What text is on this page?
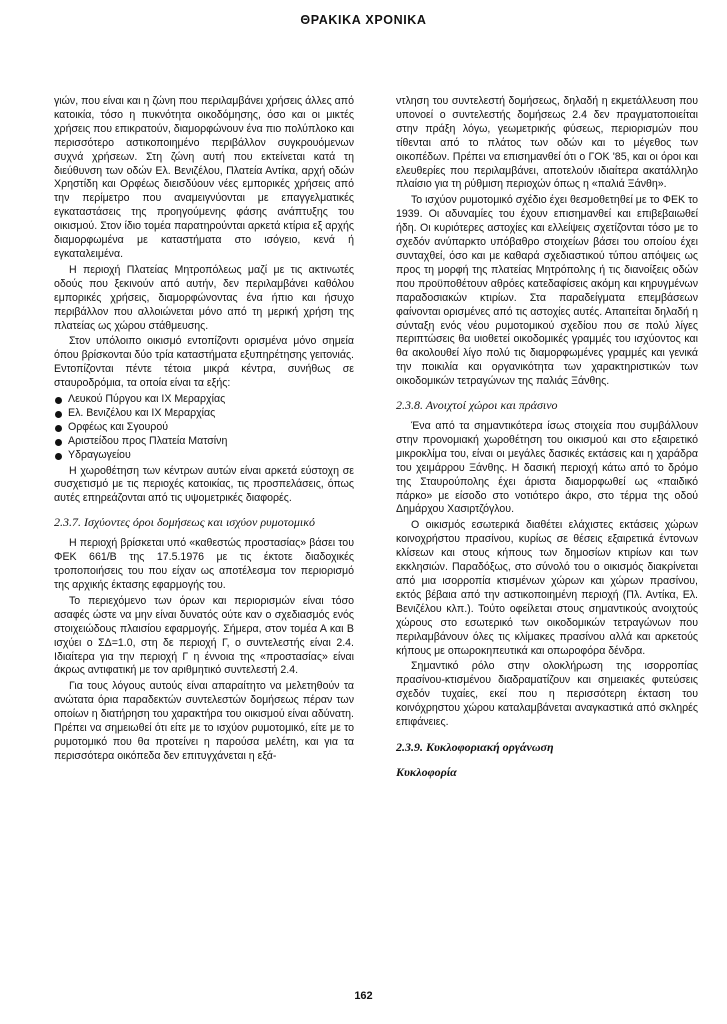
ΘΡΑΚΙΚΑ ΧΡΟΝΙΚΑ

γιών, που είναι και η ζώνη που περιλαμβάνει χρήσεις άλλες από κατοικία, τόσο η πυκνότητα οικοδόμησης, όσο και οι μικτές χρήσεις που επικρατούν, διαμορφώνουν ένα πιο πολύπλοκο και περισσότερο αστικοποιημένο περιβάλλον συγκρουόμενων συχνά χρήσεων. Στη ζώνη αυτή που εκτείνεται κατά τη διεύθυνση των οδών Ελ. Βενιζέλου, Πλατεία Αντίκα, αρχή οδών Χρηστίδη και Ορφέως διεισδύουν νέες εμπορικές χρήσεις από την περίμετρο που αναμειγνύονται με επαγγελματικές εγκαταστάσεις της προηγούμενης φάσης ανάπτυξης του οικισμού. Στον ίδιο τομέα παρατηρούνται αρκετά κτίρια εξ αρχής διαμορφωμένα με καταστήματα στο ισόγειο, κενά ή εγκαταλειμένα.

Η περιοχή Πλατείας Μητροπόλεως μαζί με τις ακτινωτές οδούς που ξεκινούν από αυτήν, δεν περιλαμβάνει καθόλου εμπορικές χρήσεις, διαμορφώνοντας ένα ήπιο και ήσυχο περιβάλλον που αλλοιώνεται μόνο από τη μερική χρήση της πλατείας ως χώρου στάθμευσης.

Στον υπόλοιπο οικισμό εντοπίζοντι ορισμένα μόνο σημεία όπου βρίσκονται δύο τρία καταστήματα εξυπηρέτησης γειτονιάς. Εντοπίζονται πέντε τέτοια μικρά κέντρα, συνήθως σε σταυροδρόμια, τα οποία είναι τα εξής:

Λευκού Πύργου και ΙΧ Μεραρχίας
Ελ. Βενιζέλου και ΙΧ Μεραρχίας
Ορφέως και Σγουρού
Αριστείδου προς Πλατεία Ματσίνη
Υδραγωγείου

Η χωροθέτηση των κέντρων αυτών είναι αρκετά εύστοχη σε συσχετισμό με τις περιοχές κατοικίας, τις προσπελάσεις, όπως αυτές επηρεάζονται από τις υψομετρικές διαφορές.

2.3.7. Ισχύοντες όροι δομήσεως και ισχύον ρυμοτομικό

Η περιοχή βρίσκεται υπό «καθεστώς προστασίας» βάσει του ΦΕΚ 661/Β της 17.5.1976 με τις έκτοτε διαδοχικές τροποποιήσεις του που είχαν ως αποτέλεσμα τον περιορισμό της αρχικής έκτασης εφαρμογής του.

Το περιεχόμενο των όρων και περιορισμών είναι τόσο ασαφές ώστε να μην είναι δυνατός ούτε καν ο σχεδιασμός ενός στοιχειώδους πλαισίου εφαρμογής. Σήμερα, στον τομέα Α και Β ισχύει ο ΣΔ=1.0, στη δε περιοχή Γ, ο συντελεστής είναι 2.4. Ιδιαίτερα για την περιοχή Γ η έννοια της «προστασίας» είναι άκρως αντιφατική με τον αριθμητικό συντελεστή 2.4.

Για τους λόγους αυτούς είναι απαραίτητο να μελετηθούν τα ανώτατα όρια παραδεκτών συντελεστών δομήσεως πέραν των οποίων η διατήρηση του χαρακτήρα του οικισμού είναι αδύνατη. Πρέπει να σημειωθεί ότι είτε με το ισχύον ρυμοτομικό, είτε με το ρυμοτομικό που θα προτείνει η παρούσα μελέτη, και για τα περισσότερα οικόπεδα δεν επιτυγχάνεται η εξά-

ντληση του συντελεστή δομήσεως, δηλαδή η εκμετάλλευση που υπονοεί ο συντελεστής δομήσεως 2.4 δεν πραγματοποιείται στην πράξη λόγω, γεωμετρικής φύσεως, περιορισμών που τίθενται από το πλάτος των οδών και το μέγεθος των οικοπέδων. Πρέπει να επισημανθεί ότι ο ΓΟΚ '85, και οι όροι και ελευθερίες που περιλαμβάνει, αποτελούν ιδιαίτερα ακατάλληλο πλαίσιο για τη ρύθμιση περιοχών όπως η «παλιά Ξάνθη».

Το ισχύον ρυμοτομικό σχέδιο έχει θεσμοθετηθεί με το ΦΕΚ το 1939. Οι αδυναμίες του έχουν επισημανθεί και επιβεβαιωθεί ήδη. Οι κυριότερες αστοχίες και ελλείψεις σχετίζονται τόσο με το σχεδόν ανύπαρκτο υπόβαθρο στοιχείων βάσει του οποίου έχει συνταχθεί, όσο και με καθαρά σχεδιαστικού τύπου απόψεις ως προς τη μορφή της πλατείας Μητρόπολης ή τις διανοίξεις οδών που προϋποθέτουν αθρόες κατεδαφίσεις ακόμη και κηρυγμένων παραδοσιακών κτιρίων. Στα παραδείγματα επεμβάσεων φαίνονται ορισμένες από τις αστοχίες αυτές. Απαιτείται δηλαδή η σύνταξη ενός νέου ρυμοτομικού σχεδίου που σε πολύ λίγες περιπτώσεις θα υιοθετεί οικοδομικές γραμμές του ισχύοντος και θα ακολουθεί λίγο πολύ τις διαμορφωμένες γραμμές και γενικά την ποικιλία και οργανικότητα των χαρακτηριστικών των οικοδομικών τετραγώνων της παλιάς Ξάνθης.

2.3.8. Ανοιχτοί χώροι και πράσινο

Ένα από τα σημαντικότερα ίσως στοιχεία που συμβάλλουν στην προνομιακή χωροθέτηση του οικισμού και στο εξαιρετικό μικροκλίμα του, είναι οι μεγάλες δασικές εκτάσεις και η χαράδρα του χειμάρρου Ξάνθης. Η δασική περιοχή κάτω από το δρόμο της Σταυρούπολης έχει άριστα διαμορφωθεί ως «παιδικό πάρκο» με είσοδο στο νοτιότερο άκρο, στο τέρμα της οδού Δημάρχου Χασιρτζόγλου.

Ο οικισμός εσωτερικά διαθέτει ελάχιστες εκτάσεις χώρων κοινοχρήστου πρασίνου, κυρίως σε θέσεις εξαιρετικά έντονων κλίσεων και στους κήπους των δημοσίων κτιρίων και των εκκλησιών. Παραδόξως, στο σύνολό του ο οικισμός διακρίνεται από μια ισορροπία κτισμένων χώρων και χώρων πρασίνου, εκτός βέβαια από την αστικοποιημένη περιοχή (Πλ. Αντίκα, Ελ. Βενιζέλου κλπ.). Τούτο οφείλεται στους σημαντικούς ανοιχτούς χώρους στο εσωτερικό των οικοδομικών τετραγώνων που περιλαμβάνουν όλες τις κλίμακες πρασίνου αλλά και αρκετούς κήπους με οπωροκηπευτικά και οπωροφόρα δένδρα.

Σημαντικό ρόλο στην ολοκλήρωση της ισορροπίας πρασίνου-κτισμένου διαδραματίζουν και σημειακές φυτεύσεις σχεδόν τυχαίες, εκεί που η περισσότερη έκταση του κοινόχρηστου χώρου καταλαμβάνεται αναγκαστικά από σκληρές επιφάνειες.

2.3.9. Κυκλοφοριακή οργάνωση
Κυκλοφορία
162
